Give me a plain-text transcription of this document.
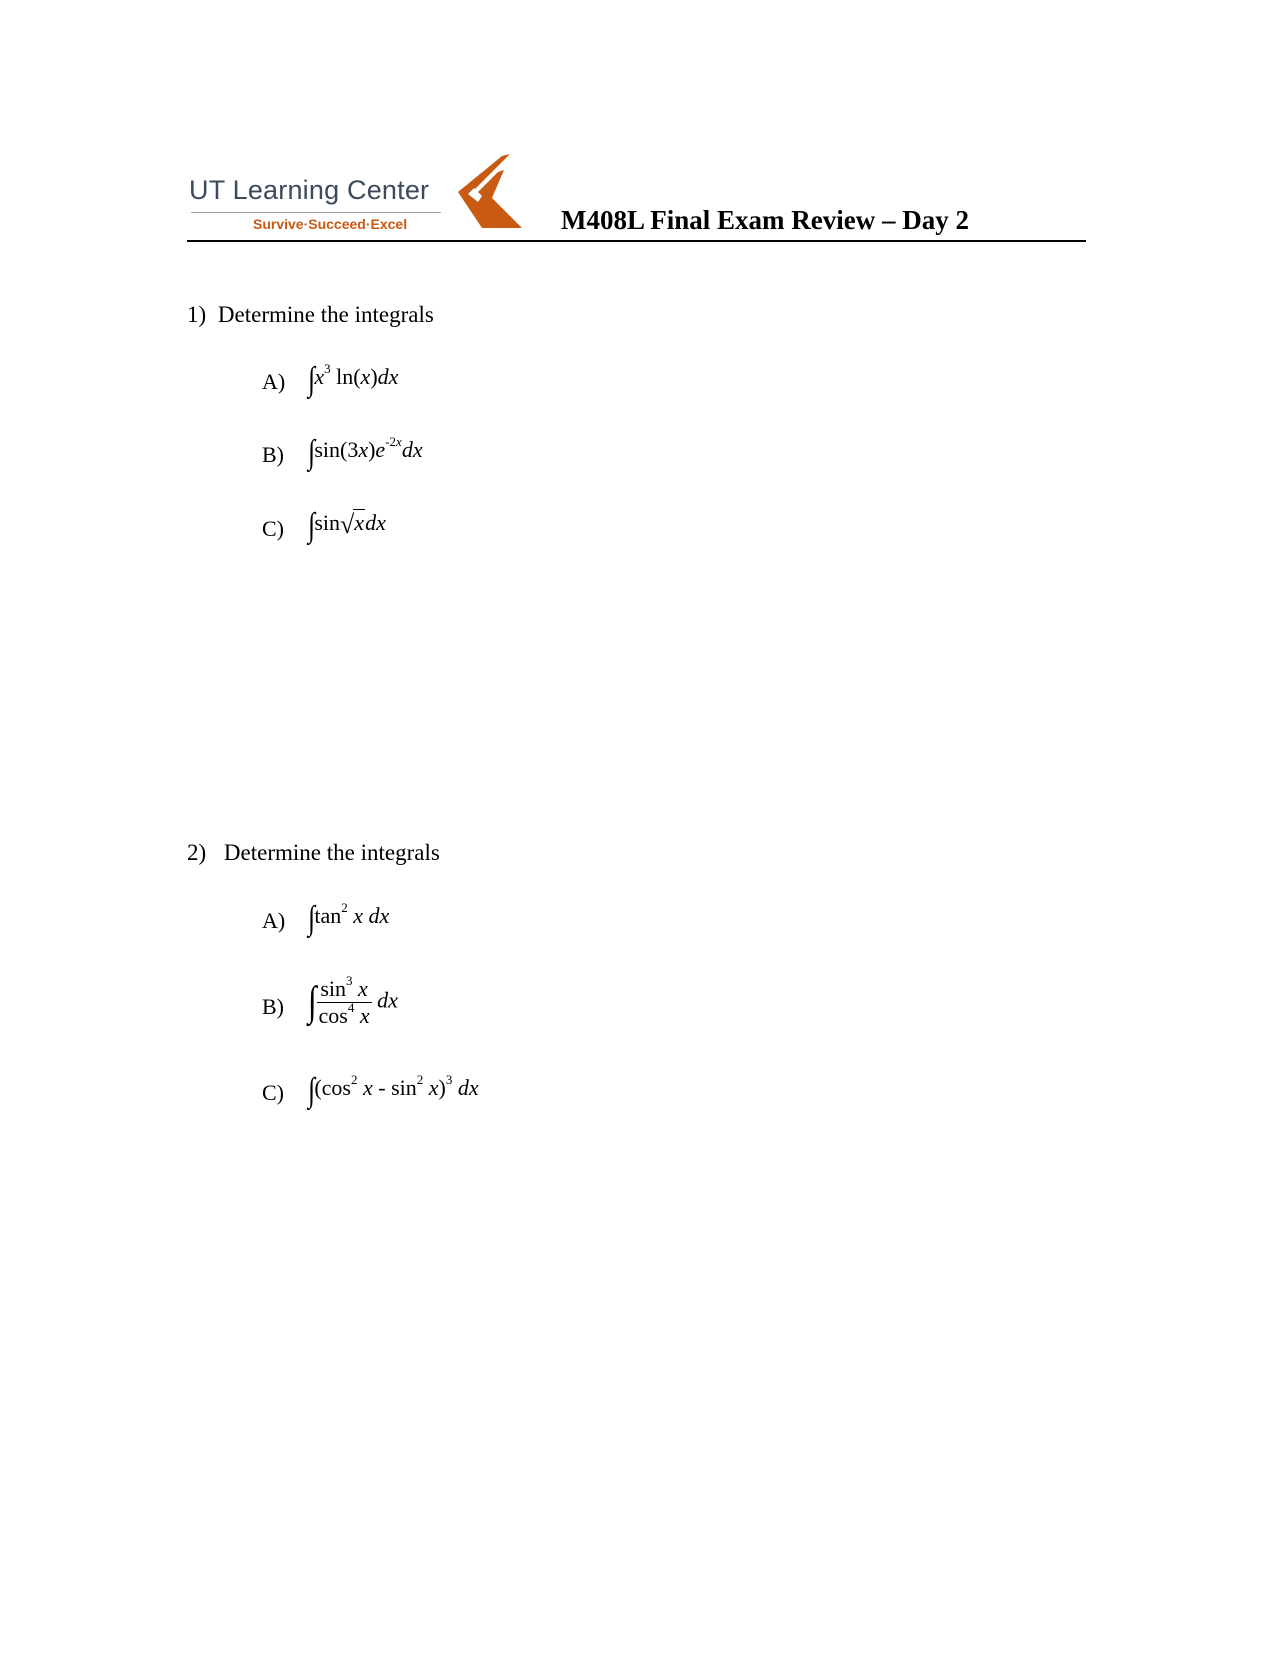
UT Learning Center
Survive·Succeed·Excel	M408L Final Exam Review – Day 2
1) Determine the integrals
A) $\int x^3$ ln(x)dx
B) $\int\sin(3x)e^{-2x}dx$
C) ∫sin√xdx
2) Determine the integrals
A) $\int\tan^2$ x dx
B) ∫ $\frac{\sin^3 x}{\cos^4 x}$ dx
C) $\int(\cos^2$ x - $\sin^2 x)^3$ dx
